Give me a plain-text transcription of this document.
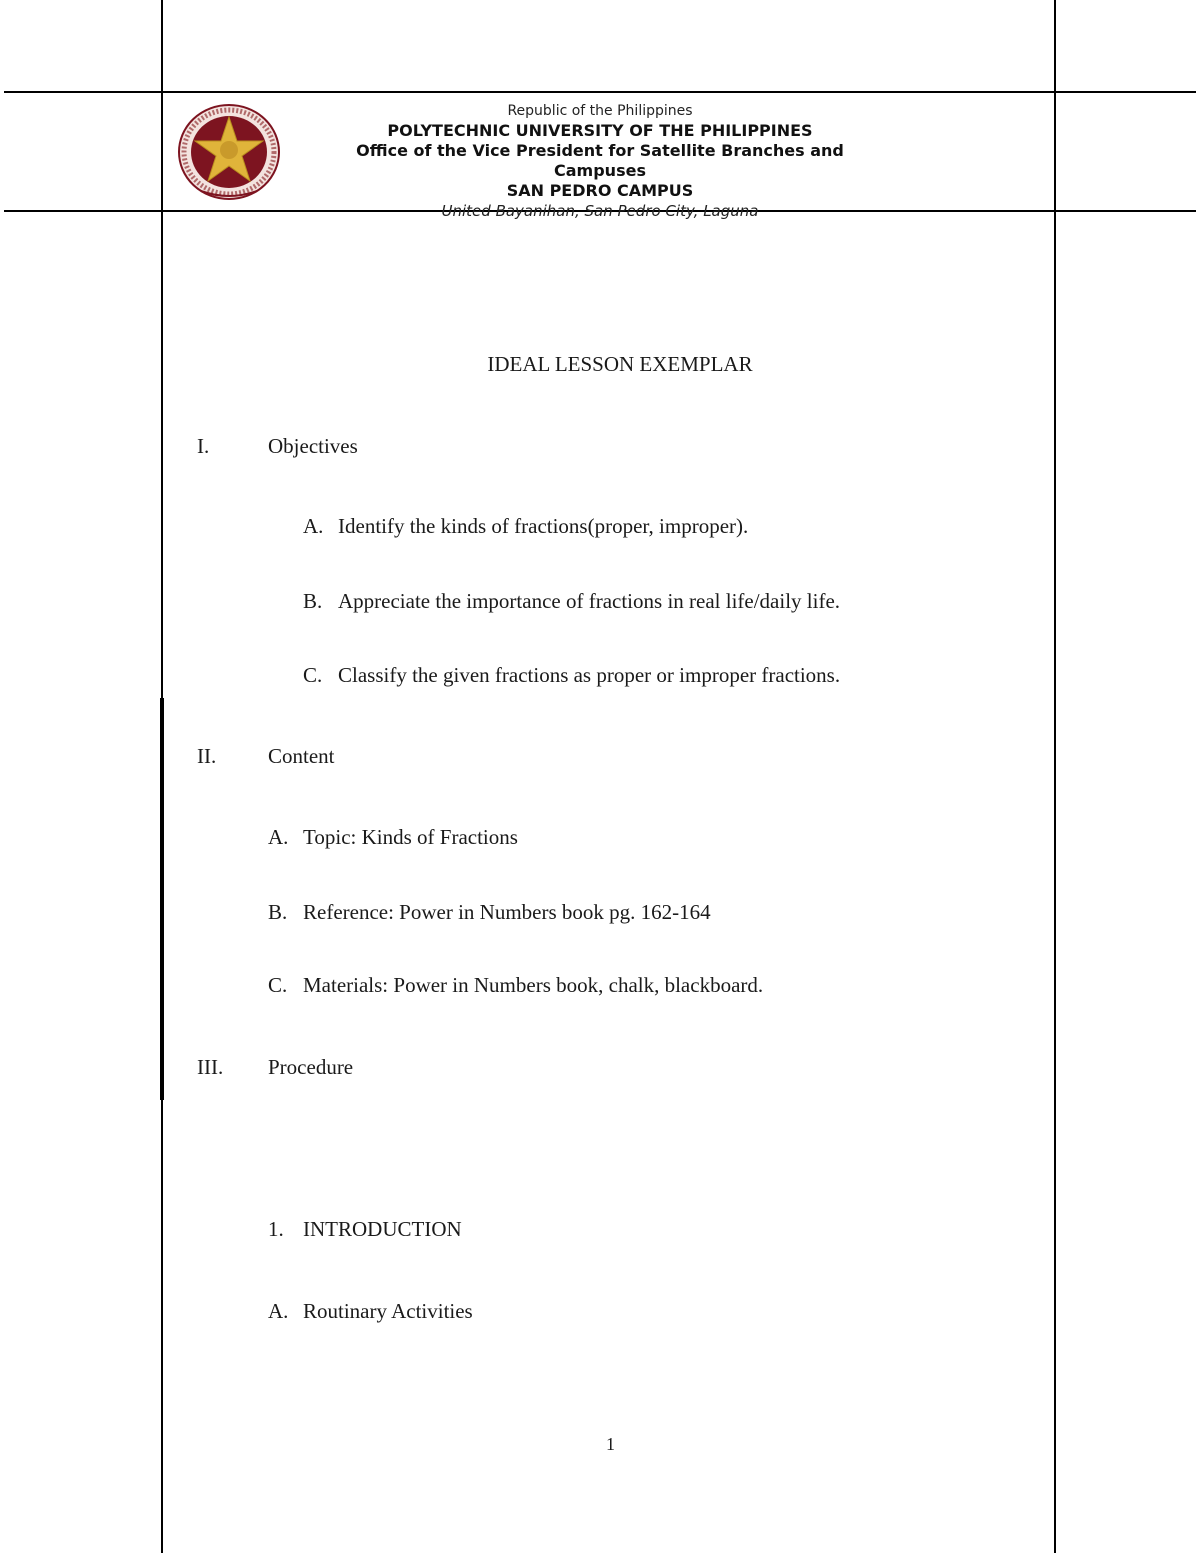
Republic of the Philippines
POLYTECHNIC UNIVERSITY OF THE PHILIPPINES
Office of the Vice President for Satellite Branches and
Campuses
SAN PEDRO CAMPUS
United Bayanihan, San Pedro City, Laguna
IDEAL LESSON EXEMPLAR
I.	Objectives
A. Identify the kinds of fractions(proper, improper).
B. Appreciate the importance of fractions in real life/daily life.
C. Classify the given fractions as proper or improper fractions.
II. Content
A. Topic: Kinds of Fractions
B. Reference: Power in Numbers book pg. 162-164
C. Materials: Power in Numbers book, chalk, blackboard.
III. Procedure
1. INTRODUCTION
A. Routinary Activities
1
